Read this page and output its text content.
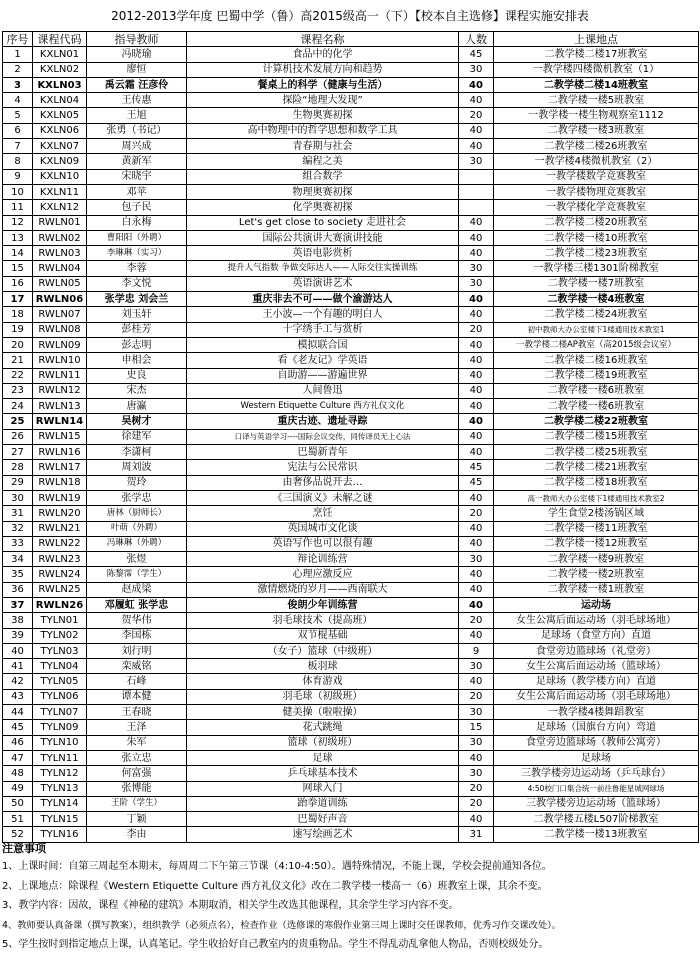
2012-2013学年度 巴蜀中学（鲁）高2015级高一（下）【校本自主选修】课程实施安排表
序号	课程代码	指导教师	课程名称	人数	上课地点
1	KXLN01	冯晓瑜	食品中的化学	45	二教学楼二楼17班教室
2	KXLN02	廖恒	计算机技术发展方向和趋势	30	一教学楼四楼微机教室（1）
3	KXLN03	禹云霜 汪彦伶	餐桌上的科学（健康与生活）	40	二教学楼二楼14班教室
4	KXLN04	王传惠	探险“地理大发现”	40	二教学楼一楼5班教室
5	KXLN05	王旭	生物奥赛初探	20	一教学楼一楼生物观察室1112
6	KXLN06	张勇（书记）	高中物理中的哲学思想和数学工具	40	二教学楼一楼3班教室
7	KXLN07	周兴成	青春期与社会	40	二教学楼二楼26班教室
8	KXLN09	黄新军	编程之美	30	一教学楼4楼微机教室（2）
9	KXLN10	宋晓宇	组合数学		一教学楼数学竞赛教室
10	KXLN11	邓苹	物理奥赛初探		一教学楼物理竞赛教室
11	KXLN12	包子民	化学奥赛初探		一教学楼化学竞赛教室
12	RWLN01	白永梅	Let's get close to society 走进社会	40	二教学楼二楼20班教室
13	RWLN02	曹阳阳（外聘）	国际公共演讲大赛演讲技能	40	二教学楼一楼10班教室
14	RWLN03	李琳琳（实习）	英语电影赏析	40	二教学楼二楼23班教室
15	RWLN04	李蓉	提升人气指数 争做交际达人——人际交往实操训练	30	一教学楼三楼1301阶梯教室
16	RWLN05	李文悦	英语演讲艺术	30	二教学楼一楼7班教室
17	RWLN06	张学忠 刘会兰	重庆非去不可——做个渝游达人	40	二教学楼一楼4班教室
18	RWLN07	刘玉轩	王小波—一个有趣的明白人	40	二教学楼二楼24班教室
19	RWLN08	彭桂芳	十字绣手工与赏析	20	初中教师大办公室楼下1楼通用技术教室1
20	RWLN09	彭志明	模拟联合国	40	一教学楼二楼AP教室（高2015级会议室）
21	RWLN10	申相会	看《老友记》学英语	40	二教学楼二楼16班教室
22	RWLN11	史良	自助游——游遍世界	40	二教学楼二楼19班教室
23	RWLN12	宋杰	人间鲁迅	40	二教学楼一楼6班教室
24	RWLN13	唐瀛	Western Etiquette Culture 西方礼仪文化	40	二教学楼一楼6班教室
25	RWLN14	吴树才	重庆古迹、遗址寻踪	40	二教学楼二楼22班教室
26	RWLN15	徐建军	口译与英语学习----国际会议交传，同传译员无上心法	40	二教学楼二楼15班教室
27	RWLN16	李潇柯	巴蜀新青年	40	二教学楼二楼25班教室
28	RWLN17	周刘波	宪法与公民常识	45	二教学楼二楼21班教室
29	RWLN18	贺玲	由奢侈品说开去…	45	二教学楼二楼18班教室
30	RWLN19	张学忠	《三国演义》未解之谜	40	高一教师大办公室楼下1楼通用技术教室2
31	RWLN20	唐林（厨师长）	烹饪	20	学生食堂2楼汤锅区域
32	RWLN21	叶萌（外聘）	英国城市文化谈	40	二教学楼一楼11班教室
33	RWLN22	冯琳琳（外聘）	英语写作也可以很有趣	40	二教学楼一楼12班教室
34	RWLN23	张煜	辩论训练营	30	二教学楼一楼9班教室
35	RWLN24	陈黎霈（学生）	心理应激反应	40	二教学楼一楼2班教室
36	RWLN25	赵成梁	激情燃烧的岁月——西南联大	40	二教学楼一楼1班教室
37	RWLN26	邓履虹 张学忠	俊朗少年训练营	40	运动场
38	TYLN01	贺华伟	羽毛球技术（提高班）	20	女生公寓后面运动场（羽毛球场地）
39	TYLN02	李国栋	双节棍基础	40	足球场（食堂方向）直道
40	TYLN03	刘行明	（女子）篮球（中级班）	9	食堂旁边篮球场（礼堂旁）
41	TYLN04	栾威铭	板羽球	30	女生公寓后面运动场（篮球场）
42	TYLN05	石峰	体育游戏	40	足球场（教学楼方向）直道
43	TYLN06	谭本健	羽毛球（初级班）	20	女生公寓后面运动场（羽毛球场地）
44	TYLN07	王春晓	健美操（啦啦操）	30	一教学楼4楼舞蹈教室
45	TYLN09	王泽	花式跳绳	15	足球场（国旗台方向）弯道
46	TYLN10	朱军	篮球（初级班）	30	食堂旁边篮球场（教师公寓旁）
47	TYLN11	张立忠	足球	40	足球场
48	TYLN12	何富强	乒乓球基本技术	30	三教学楼旁边运动场（乒乓球台）
49	TYLN13	张博能	网球入门	20	4:50校门口集合统一前往鲁能星城网球场
50	TYLN14	王阶（学生）	跆拳道训练	20	三教学楼旁边运动场（篮球场）
51	TYLN15	丁颖	巴蜀好声音	40	二教学楼五楼L507阶梯教室
52	TYLN16	李由	速写绘画艺术	31	二教学楼一楼13班教室
注意事项
1、上课时间：自第三周起至本期末，每周周二下午第三节课（4:10-4:50）。遇特殊情况，不能上课，学校会提前通知各位。
2、上课地点：除课程《Western Etiquette Culture 西方礼仪文化》改在二教学楼一楼高一（6）班教室上课，其余不变。
3、教学内容：因故，课程《神秘的建筑》本期取消，相关学生改选其他课程，其余学生学习内容不变。
4、教师要认真备课（撰写教案），组织教学（必须点名），检查作业（选修课的寒假作业第三周上课时交任课教师，优秀习作交课改处）。
5、学生按时到指定地点上课，认真笔记。学生收拾好自己教室内的贵重物品。学生不得乱动乱拿他人物品，否则校级处分。
